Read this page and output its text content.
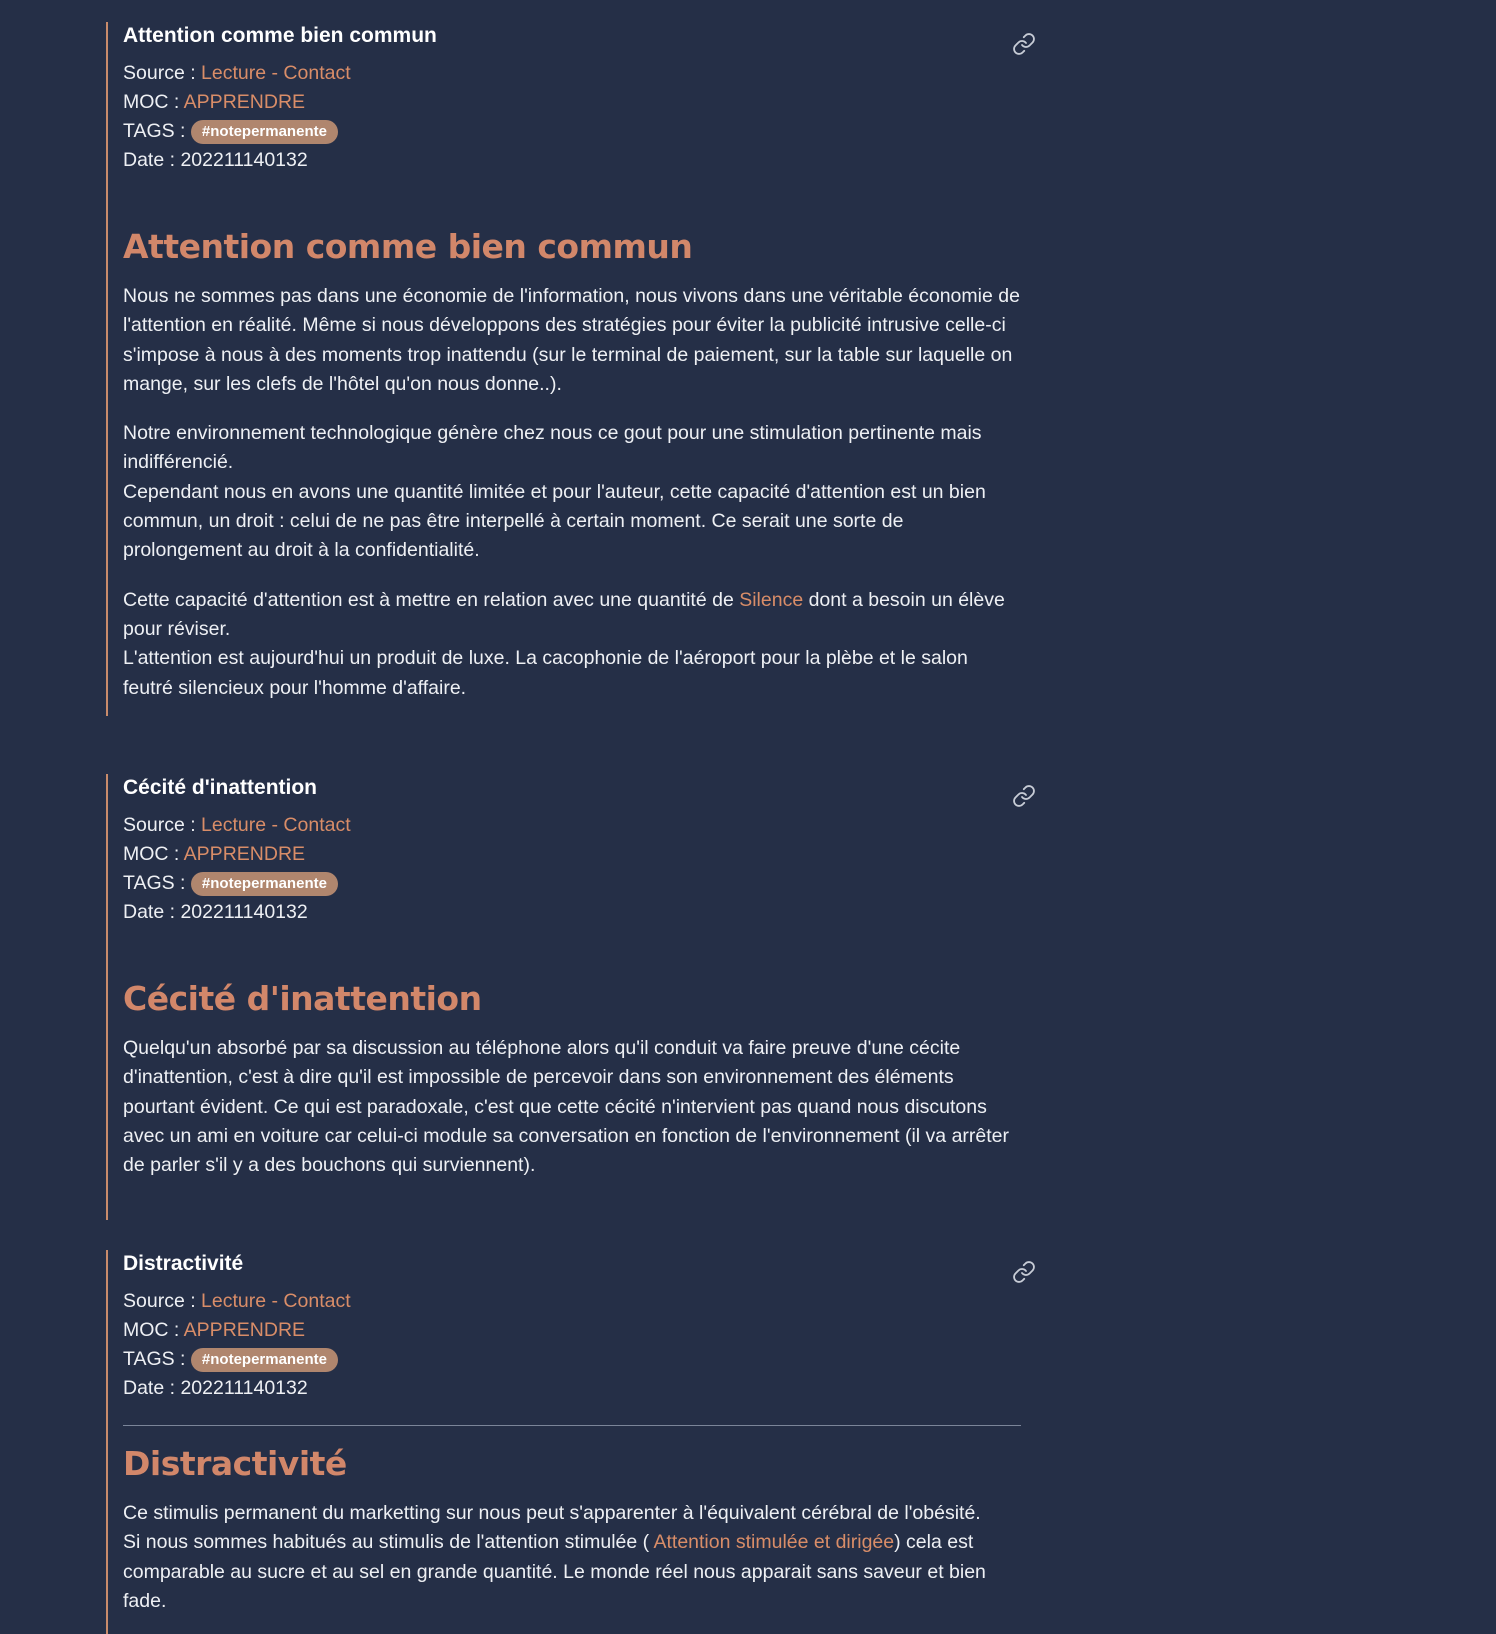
Attention comme bien commun
Source : Lecture - Contact
MOC : APPRENDRE
TAGS : #notepermanente
Date : 202211140132
Attention comme bien commun

Nous ne sommes pas dans une économie de l'information, nous vivons dans une véritable économie de l'attention en réalité. Même si nous développons des stratégies pour éviter la publicité intrusive celle-ci s'impose à nous à des moments trop inattendu (sur le terminal de paiement, sur la table sur laquelle on mange, sur les clefs de l'hôtel qu'on nous donne..).

Notre environnement technologique génère chez nous ce gout pour une stimulation pertinente mais indifférencié.

Cependant nous en avons une quantité limitée et pour l'auteur, cette capacité d'attention est un bien commun, un droit : celui de ne pas être interpellé à certain moment. Ce serait une sorte de prolongement au droit à la confidentialité.

Cette capacité d'attention est à mettre en relation avec une quantité de Silence dont a besoin un élève pour réviser.

L'attention est aujourd'hui un produit de luxe. La cacophonie de l'aéroport pour la plèbe et le salon feutré silencieux pour l'homme d'affaire.

Cécité d'inattention
Source : Lecture - Contact
MOC : APPRENDRE
TAGS : #notepermanente
Date : 202211140132
Cécité d'inattention

Quelqu'un absorbé par sa discussion au téléphone alors qu'il conduit va faire preuve d'une cécite d'inattention, c'est à dire qu'il est impossible de percevoir dans son environnement des éléments pourtant évident. Ce qui est paradoxale, c'est que cette cécité n'intervient pas quand nous discutons avec un ami en voiture car celui-ci module sa conversation en fonction de l'environnement (il va arrêter de parler s'il y a des bouchons qui surviennent).

Distractivité
Source : Lecture - Contact
MOC : APPRENDRE
TAGS : #notepermanente
Date : 202211140132
Distractivité

Ce stimulis permanent du marketting sur nous peut s'apparenter à l'équivalent cérébral de l'obésité.

Si nous sommes habitués au stimulis de l'attention stimulée ( Attention stimulée et dirigée) cela est comparable au sucre et au sel en grande quantité. Le monde réel nous apparait sans saveur et bien fade.
